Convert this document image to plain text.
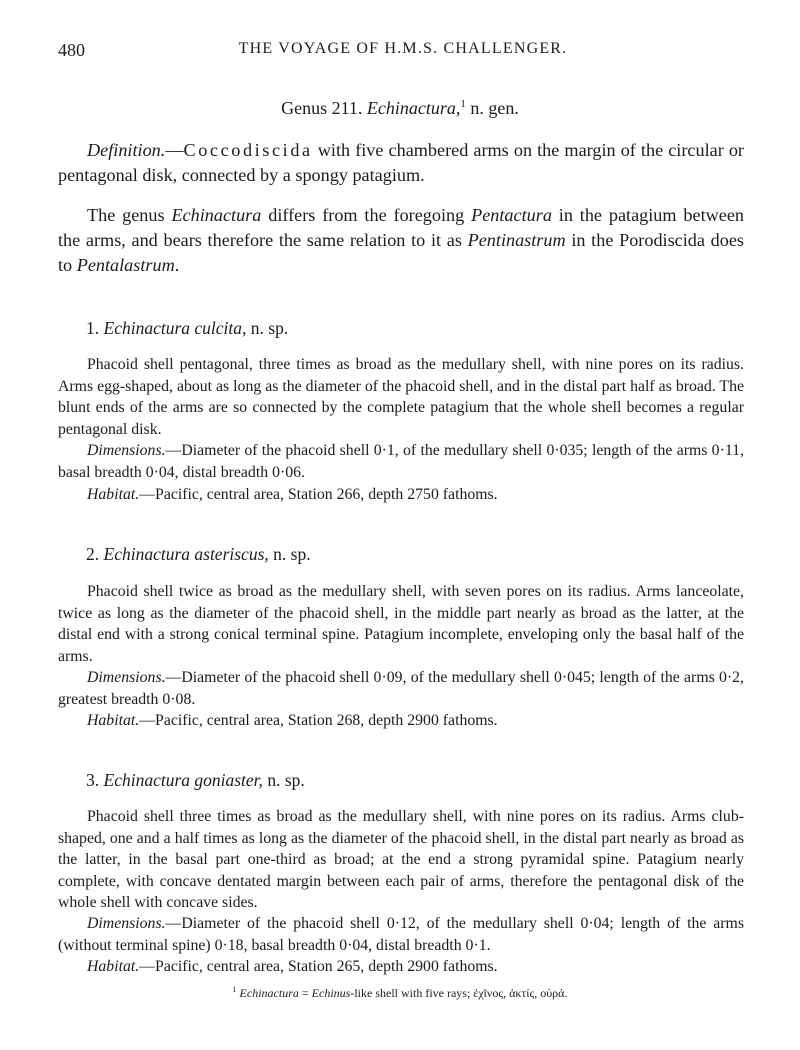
480	THE VOYAGE OF H.M.S. CHALLENGER.
Genus 211. Echinactura,$^1$ n. gen.
Definition.—Coccodiscida with five chambered arms on the margin of the circular or pentagonal disk, connected by a spongy patagium.
The genus Echinactura differs from the foregoing Pentactura in the patagium between the arms, and bears therefore the same relation to it as Pentinastrum in the Porodiscida does to Pentalastrum.
1. Echinactura culcita, n. sp.
Phacoid shell pentagonal, three times as broad as the medullary shell, with nine pores on its radius. Arms egg-shaped, about as long as the diameter of the phacoid shell, and in the distal part half as broad. The blunt ends of the arms are so connected by the complete patagium that the whole shell becomes a regular pentagonal disk.
Dimensions.—Diameter of the phacoid shell 0·1, of the medullary shell 0·035; length of the arms 0·11, basal breadth 0·04, distal breadth 0·06.
Habitat.—Pacific, central area, Station 266, depth 2750 fathoms.
2. Echinactura asteriscus, n. sp.
Phacoid shell twice as broad as the medullary shell, with seven pores on its radius. Arms lanceolate, twice as long as the diameter of the phacoid shell, in the middle part nearly as broad as the latter, at the distal end with a strong conical terminal spine. Patagium incomplete, enveloping only the basal half of the arms.
Dimensions.—Diameter of the phacoid shell 0·09, of the medullary shell 0·045; length of the arms 0·2, greatest breadth 0·08.
Habitat.—Pacific, central area, Station 268, depth 2900 fathoms.
3. Echinactura goniaster, n. sp.
Phacoid shell three times as broad as the medullary shell, with nine pores on its radius. Arms club-shaped, one and a half times as long as the diameter of the phacoid shell, in the distal part nearly as broad as the latter, in the basal part one-third as broad; at the end a strong pyramidal spine. Patagium nearly complete, with concave dentated margin between each pair of arms, therefore the pentagonal disk of the whole shell with concave sides.
Dimensions.—Diameter of the phacoid shell 0·12, of the medullary shell 0·04; length of the arms (without terminal spine) 0·18, basal breadth 0·04, distal breadth 0·1.
Habitat.—Pacific, central area, Station 265, depth 2900 fathoms.
$^1$ Echinactura = Echinus-like shell with five rays; ἐχῖνος, ἀκτίς, οὐρά.
